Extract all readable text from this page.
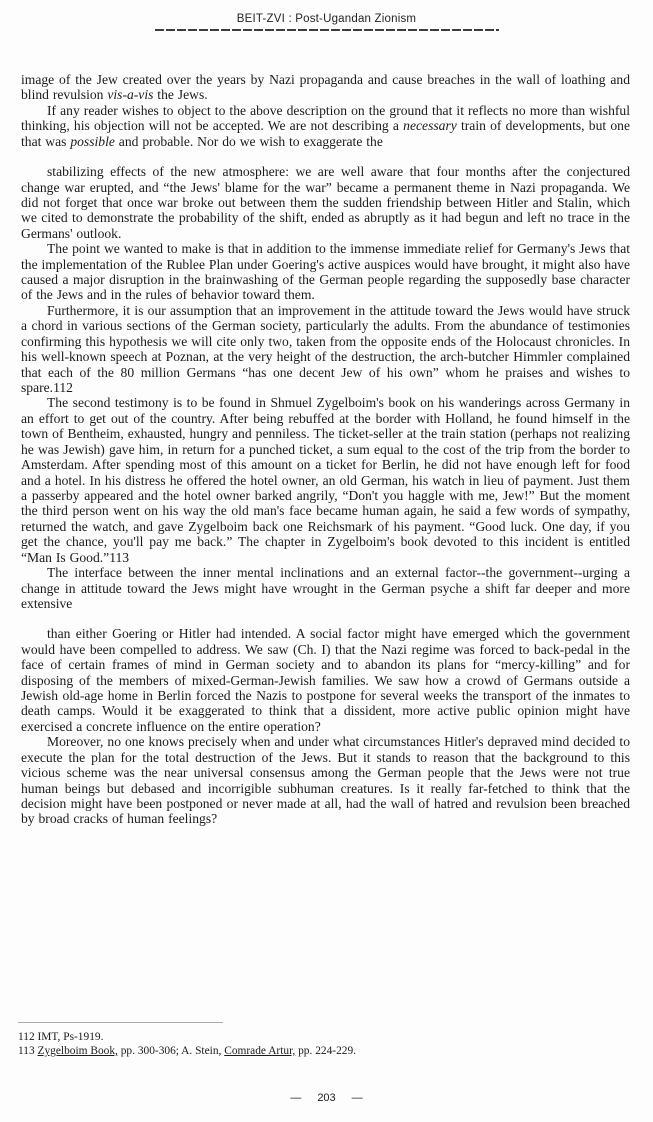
BEIT-ZVI : Post-Ugandan Zionism

image of the Jew created over the years by Nazi propaganda and cause breaches in the wall of loathing and blind revulsion vis-a-vis the Jews.

If any reader wishes to object to the above description on the ground that it reflects no more than wishful thinking, his objection will not be accepted. We are not describing a necessary train of developments, but one that was possible and probable. Nor do we wish to exaggerate the

stabilizing effects of the new atmosphere: we are well aware that four months after the conjectured change war erupted, and “the Jews' blame for the war” became a permanent theme in Nazi propaganda. We did not forget that once war broke out between them the sudden friendship between Hitler and Stalin, which we cited to demonstrate the probability of the shift, ended as abruptly as it had begun and left no trace in the Germans' outlook.

The point we wanted to make is that in addition to the immense immediate relief for Germany's Jews that the implementation of the Rublee Plan under Goering's active auspices would have brought, it might also have caused a major disruption in the brainwashing of the German people regarding the supposedly base character of the Jews and in the rules of behavior toward them.

Furthermore, it is our assumption that an improvement in the attitude toward the Jews would have struck a chord in various sections of the German society, particularly the adults. From the abundance of testimonies confirming this hypothesis we will cite only two, taken from the opposite ends of the Holocaust chronicles. In his well-known speech at Poznan, at the very height of the destruction, the arch-butcher Himmler complained that each of the 80 million Germans “has one decent Jew of his own” whom he praises and wishes to spare.112

The second testimony is to be found in Shmuel Zygelboim's book on his wanderings across Germany in an effort to get out of the country. After being rebuffed at the border with Holland, he found himself in the town of Bentheim, exhausted, hungry and penniless. The ticket-seller at the train station (perhaps not realizing he was Jewish) gave him, in return for a punched ticket, a sum equal to the cost of the trip from the border to Amsterdam. After spending most of this amount on a ticket for Berlin, he did not have enough left for food and a hotel. In his distress he offered the hotel owner, an old German, his watch in lieu of payment. Just them a passerby appeared and the hotel owner barked angrily, “Don't you haggle with me, Jew!” But the moment the third person went on his way the old man's face became human again, he said a few words of sympathy, returned the watch, and gave Zygelboim back one Reichsmark of his payment. “Good luck. One day, if you get the chance, you'll pay me back.” The chapter in Zygelboim's book devoted to this incident is entitled “Man Is Good.”113

The interface between the inner mental inclinations and an external factor--the government--urging a change in attitude toward the Jews might have wrought in the German psyche a shift far deeper and more extensive

than either Goering or Hitler had intended. A social factor might have emerged which the government would have been compelled to address. We saw (Ch. I) that the Nazi regime was forced to back-pedal in the face of certain frames of mind in German society and to abandon its plans for “mercy-killing” and for disposing of the members of mixed-German-Jewish families. We saw how a crowd of Germans outside a Jewish old-age home in Berlin forced the Nazis to postpone for several weeks the transport of the inmates to death camps. Would it be exaggerated to think that a dissident, more active public opinion might have exercised a concrete influence on the entire operation?

Moreover, no one knows precisely when and under what circumstances Hitler's depraved mind decided to execute the plan for the total destruction of the Jews. But it stands to reason that the background to this vicious scheme was the near universal consensus among the German people that the Jews were not true human beings but debased and incorrigible subhuman creatures. Is it really far-fetched to think that the decision might have been postponed or never made at all, had the wall of hatred and revulsion been breached by broad cracks of human feelings?

112 IMT, Ps-1919.
113 Zygelboim Book, pp. 300-306; A. Stein, Comrade Artur, pp. 224-229.
— 203 —
